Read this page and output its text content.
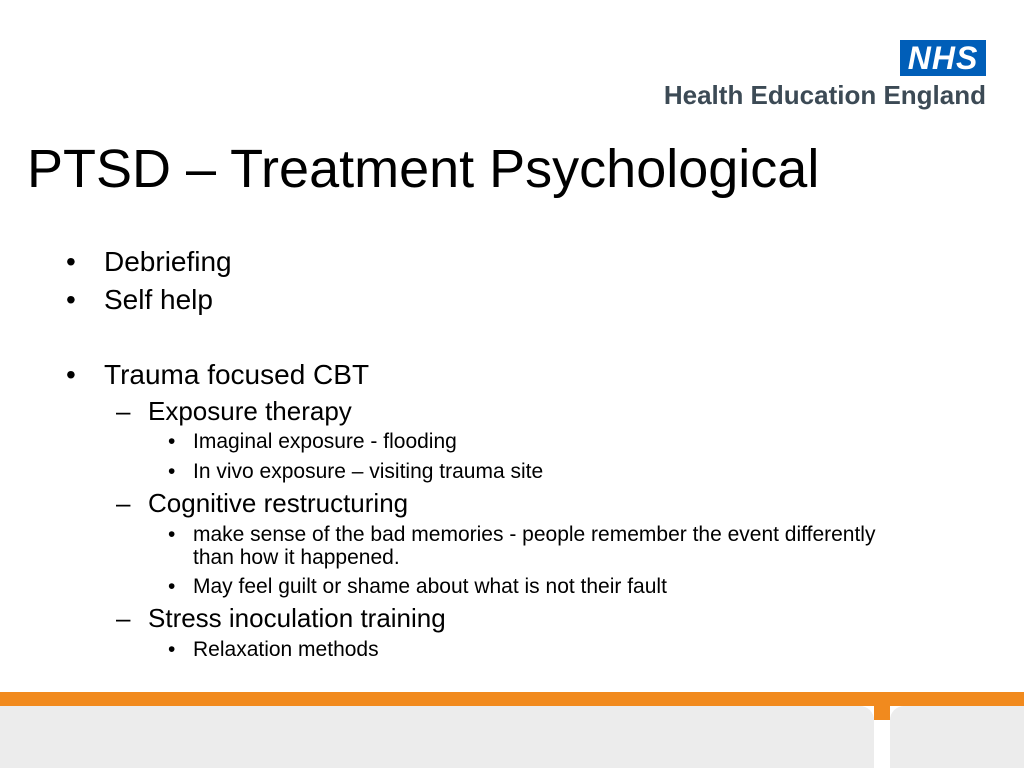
NHS
Health Education England
PTSD – Treatment Psychological
• Debriefing
• Self help
• Trauma focused CBT
– Exposure therapy
• Imaginal exposure - flooding
• In vivo exposure – visiting trauma site
– Cognitive restructuring
• make sense of the bad memories - people remember the event differently
than how it happened.
• May feel guilt or shame about what is not their fault
– Stress inoculation training
• Relaxation methods
